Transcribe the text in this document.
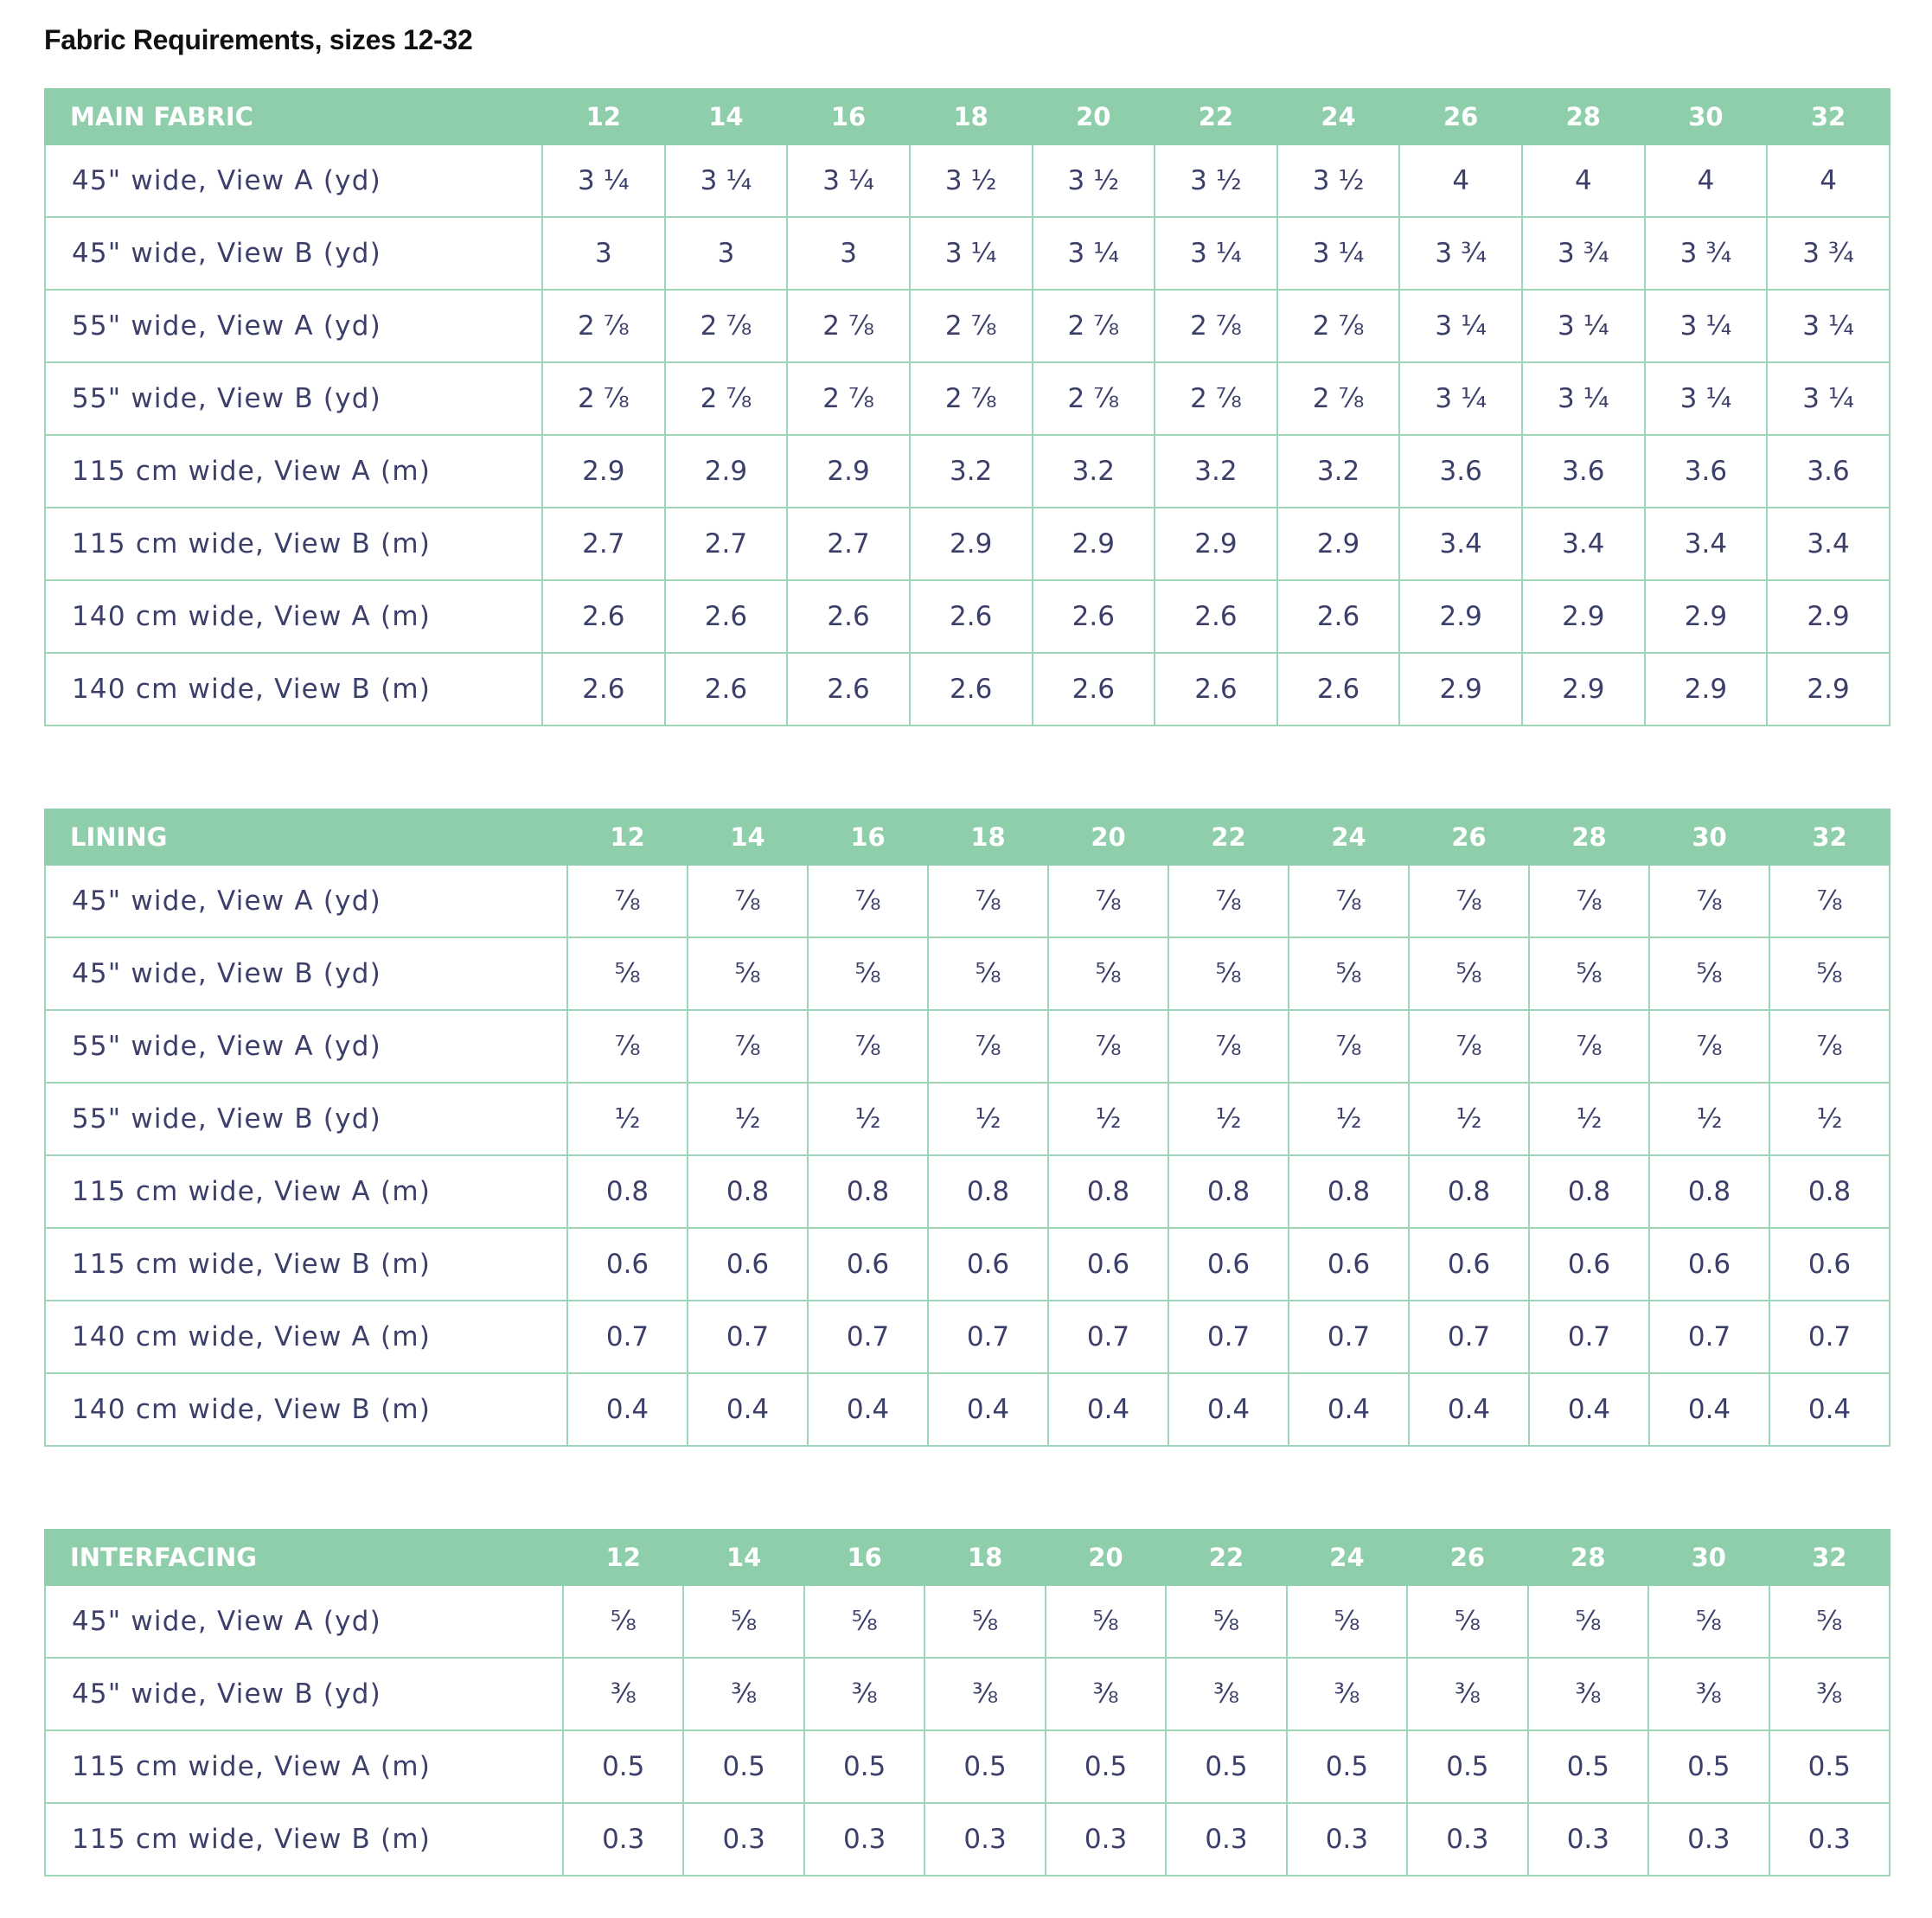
Fabric Requirements, sizes 12-32
MAIN FABRIC	12	14	16	18	20	22	24	26	28	30	32
45" wide, View A (yd)	3 ¼	3 ¼	3 ¼	3 ½	3 ½	3 ½	3 ½	4	4	4	4
45" wide, View B (yd)	3	3	3	3 ¼	3 ¼	3 ¼	3 ¼	3 ¾	3 ¾	3 ¾	3 ¾
55" wide, View A (yd)	2 ⅞	2 ⅞	2 ⅞	2 ⅞	2 ⅞	2 ⅞	2 ⅞	3 ¼	3 ¼	3 ¼	3 ¼
55" wide, View B (yd)	2 ⅞	2 ⅞	2 ⅞	2 ⅞	2 ⅞	2 ⅞	2 ⅞	3 ¼	3 ¼	3 ¼	3 ¼
115 cm wide, View A (m)	2.9	2.9	2.9	3.2	3.2	3.2	3.2	3.6	3.6	3.6	3.6
115 cm wide, View B (m)	2.7	2.7	2.7	2.9	2.9	2.9	2.9	3.4	3.4	3.4	3.4
140 cm wide, View A (m)	2.6	2.6	2.6	2.6	2.6	2.6	2.6	2.9	2.9	2.9	2.9
140 cm wide, View B (m)	2.6	2.6	2.6	2.6	2.6	2.6	2.6	2.9	2.9	2.9	2.9
LINING	12	14	16	18	20	22	24	26	28	30	32
45" wide, View A (yd)	⅞	⅞	⅞	⅞	⅞	⅞	⅞	⅞	⅞	⅞	⅞
45" wide, View B (yd)	⅝	⅝	⅝	⅝	⅝	⅝	⅝	⅝	⅝	⅝	⅝
55" wide, View A (yd)	⅞	⅞	⅞	⅞	⅞	⅞	⅞	⅞	⅞	⅞	⅞
55" wide, View B (yd)	½	½	½	½	½	½	½	½	½	½	½
115 cm wide, View A (m)	0.8	0.8	0.8	0.8	0.8	0.8	0.8	0.8	0.8	0.8	0.8
115 cm wide, View B (m)	0.6	0.6	0.6	0.6	0.6	0.6	0.6	0.6	0.6	0.6	0.6
140 cm wide, View A (m)	0.7	0.7	0.7	0.7	0.7	0.7	0.7	0.7	0.7	0.7	0.7
140 cm wide, View B (m)	0.4	0.4	0.4	0.4	0.4	0.4	0.4	0.4	0.4	0.4	0.4
INTERFACING	12	14	16	18	20	22	24	26	28	30	32
45" wide, View A (yd)	⅝	⅝	⅝	⅝	⅝	⅝	⅝	⅝	⅝	⅝	⅝
45" wide, View B (yd)	⅜	⅜	⅜	⅜	⅜	⅜	⅜	⅜	⅜	⅜	⅜
115 cm wide, View A (m)	0.5	0.5	0.5	0.5	0.5	0.5	0.5	0.5	0.5	0.5	0.5
115 cm wide, View B (m)	0.3	0.3	0.3	0.3	0.3	0.3	0.3	0.3	0.3	0.3	0.3
